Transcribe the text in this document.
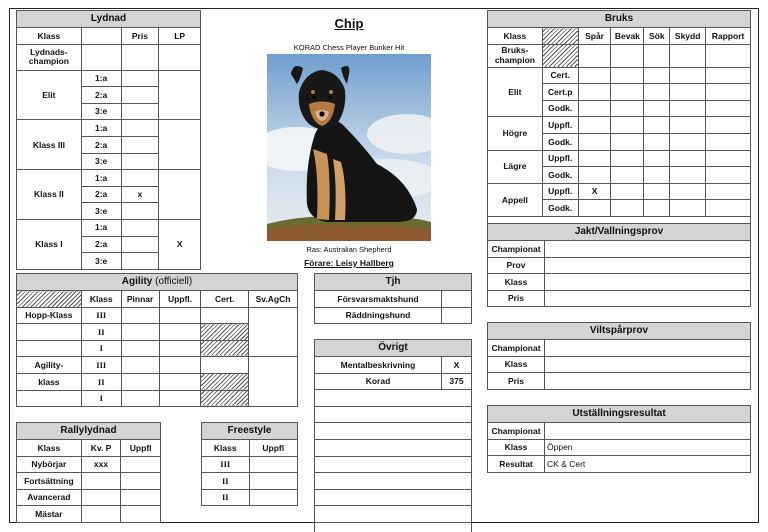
Lydnad			
Klass		Pris	LP
Lydnads-
champion			
Elit	1:a		
	2:a		
	3:e		
Klass III	1:a		
	2:a		
	3:e		
Klass II	1:a		
	2:a	x	
	3:e		
Klass I	1:a		X
	2:a		
	3:e		
Chip
KORAD Chess Player Bunker Hit
Ras: Australian Shepherd
Förare: Leisy Hallberg
Bruks						
Klass		Spår	Bevak	Sök	Skydd	Rapport
Bruks-
champion						
Elit	Cert.					
	Cert.p					
	Godk.					
Högre	Uppfl.					
	Godk.					
Lägre	Uppfl.					
	Godk.					
Appell	Uppfl.	X				
	Godk.					

Jakt/Vallningsprov	
Championat	
Prov	
Klass	
Pris	
Viltspårprov	
Championat	
Klass	
Pris	
Utställningsresultat	
Championat	
Klass	Öppen
Resultat	CK & Cert
Agility (officiell)					
	Klass	Pinnar	Uppfl.	Cert.	Sv.AgCh
Hopp-Klass	III				
	II				
	I				
Agility-	III				
klass	II				
	I				
Rallylydnad		
Klass	Kv. P	Uppfl
Nybörjar	xxx	
Fortsättning		
Avancerad		
Mästar		
Freestyle	
Klass	Uppfl
III	
II	
II	
Tjh	
Försvarsmaktshund	
Räddningshund	
Övrigt	
Mentalbeskrivning	X
Korad	375
